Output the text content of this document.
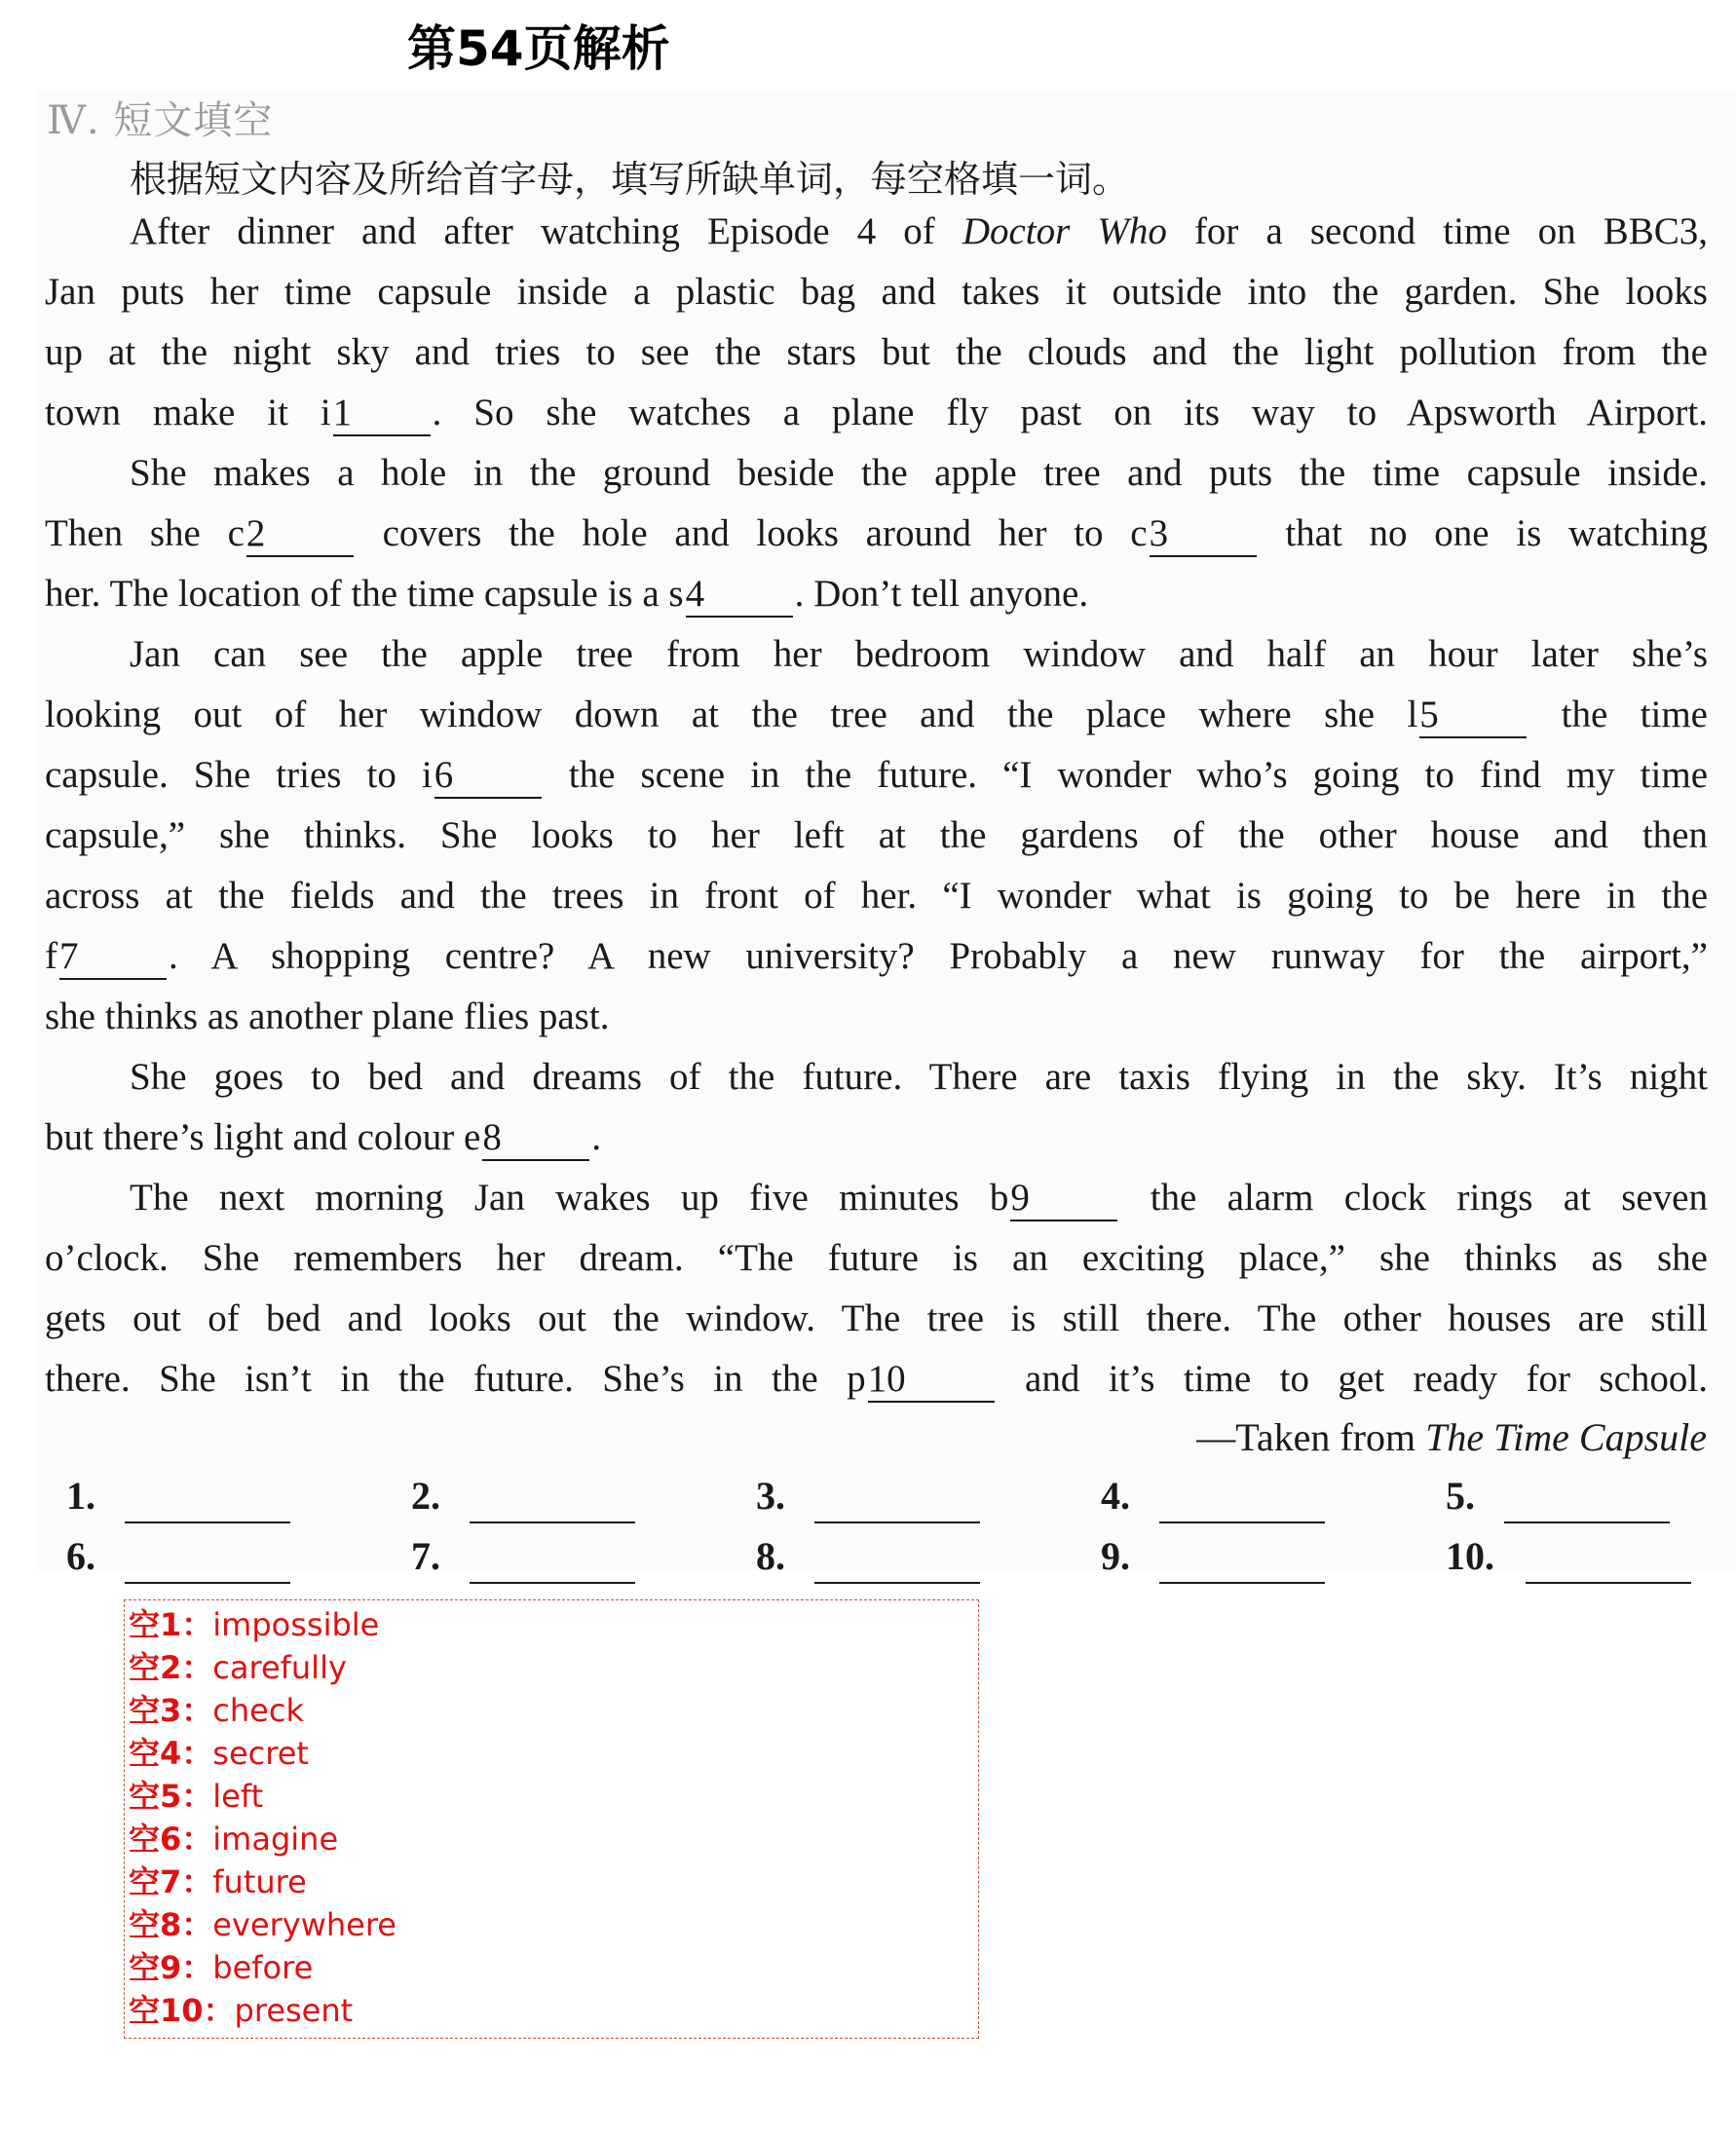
第54页解析
Ⅳ. 短文填空
根据短文内容及所给首字母，填写所缺单词，每空格填一词。
After dinner and after watching Episode 4 of Doctor Who for a second time on BBC3,
Jan puts her time capsule inside a plastic bag and takes it outside into the garden. She looks
up at the night sky and tries to see the stars but the clouds and the light pollution from the
town make it i1 . So she watches a plane fly past on its way to Apsworth Airport.
She makes a hole in the ground beside the apple tree and puts the time capsule inside.
Then she c2 covers the hole and looks around her to c3 that no one is watching
her. The location of the time capsule is a s4 . Don’t tell anyone.
Jan can see the apple tree from her bedroom window and half an hour later she’s
looking out of her window down at the tree and the place where she l5 the time
capsule. She tries to i6 the scene in the future. “I wonder who’s going to find my time
capsule,” she thinks. She looks to her left at the gardens of the other house and then
across at the fields and the trees in front of her. “I wonder what is going to be here in the
f7 . A shopping centre? A new university? Probably a new runway for the airport,”
she thinks as another plane flies past.
She goes to bed and dreams of the future. There are taxis flying in the sky. It’s night
but there’s light and colour e8 .
The next morning Jan wakes up five minutes b9 the alarm clock rings at seven
o’clock. She remembers her dream. “The future is an exciting place,” she thinks as she
gets out of bed and looks out the window. The tree is still there. The other houses are still
there. She isn’t in the future. She’s in the p10 and it’s time to get ready for school.
—Taken from The Time Capsule
1.	2.	3.	4.	5.
6.	7.	8.	9.	10.
空1：impossible
空2：carefully
空3：check
空4：secret
空5：left
空6：imagine
空7：future
空8：everywhere
空9：before
空10：present
